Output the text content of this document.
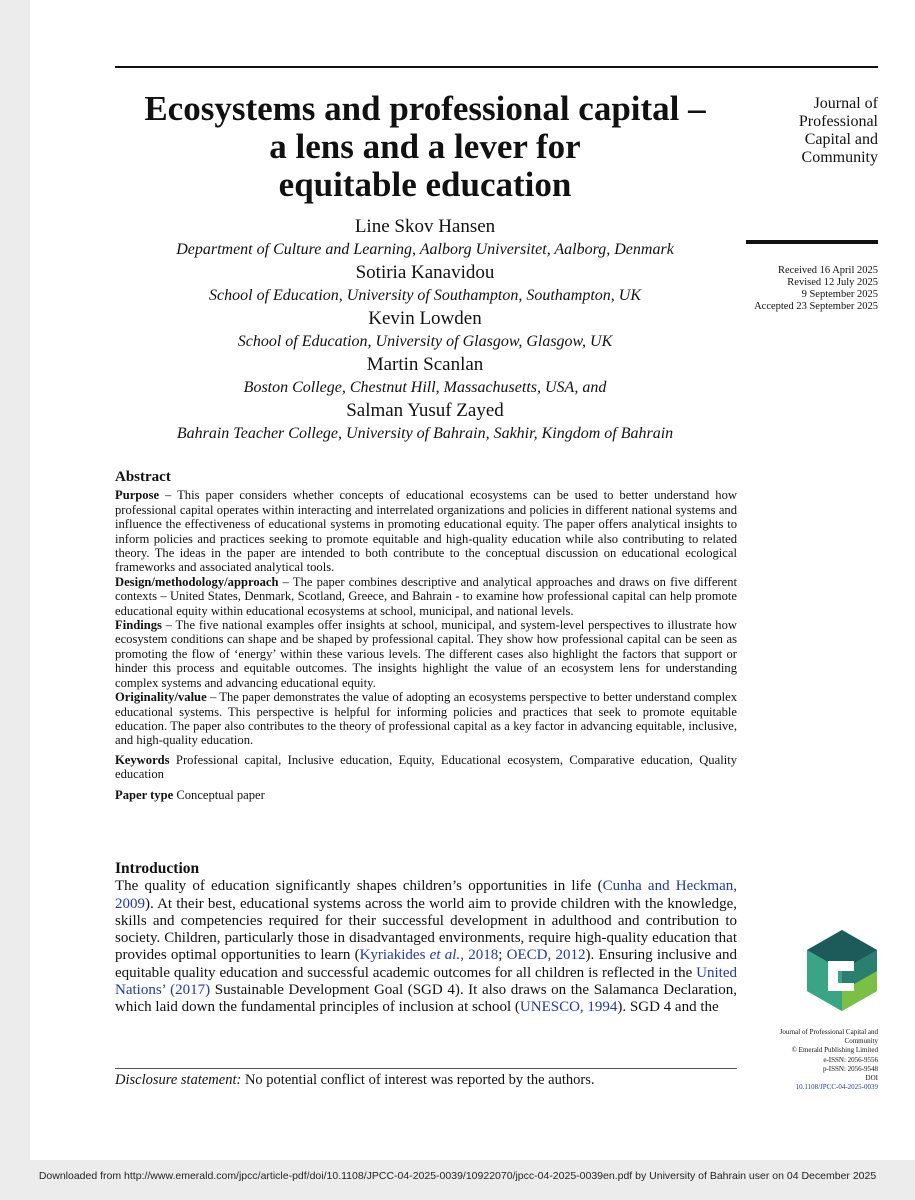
Ecosystems and professional capital –
a lens and a lever for
equitable education
Journal of
Professional
Capital and
Community
Received 16 April 2025
Revised 12 July 2025
9 September 2025
Accepted 23 September 2025
Line Skov Hansen
Department of Culture and Learning, Aalborg Universitet, Aalborg, Denmark
Sotiria Kanavidou
School of Education, University of Southampton, Southampton, UK
Kevin Lowden
School of Education, University of Glasgow, Glasgow, UK
Martin Scanlan
Boston College, Chestnut Hill, Massachusetts, USA, and
Salman Yusuf Zayed
Bahrain Teacher College, University of Bahrain, Sakhir, Kingdom of Bahrain
Abstract

Purpose – This paper considers whether concepts of educational ecosystems can be used to better understand how professional capital operates within interacting and interrelated organizations and policies in different national systems and influence the effectiveness of educational systems in promoting educational equity. The paper offers analytical insights to inform policies and practices seeking to promote equitable and high-quality education while also contributing to related theory. The ideas in the paper are intended to both contribute to the conceptual discussion on educational ecological frameworks and associated analytical tools.

Design/methodology/approach – The paper combines descriptive and analytical approaches and draws on five different contexts – United States, Denmark, Scotland, Greece, and Bahrain - to examine how professional capital can help promote educational equity within educational ecosystems at school, municipal, and national levels.

Findings – The five national examples offer insights at school, municipal, and system-level perspectives to illustrate how ecosystem conditions can shape and be shaped by professional capital. They show how professional capital can be seen as promoting the flow of ‘energy’ within these various levels. The different cases also highlight the factors that support or hinder this process and equitable outcomes. The insights highlight the value of an ecosystem lens for understanding complex systems and advancing educational equity.

Originality/value – The paper demonstrates the value of adopting an ecosystems perspective to better understand complex educational systems. This perspective is helpful for informing policies and practices that seek to promote equitable education. The paper also contributes to the theory of professional capital as a key factor in advancing equitable, inclusive, and high-quality education.

Keywords Professional capital, Inclusive education, Equity, Educational ecosystem, Comparative education, Quality education

Paper type Conceptual paper

Introduction

The quality of education significantly shapes children’s opportunities in life (Cunha and Heckman, 2009). At their best, educational systems across the world aim to provide children with the knowledge, skills and competencies required for their successful development in adulthood and contribution to society. Children, particularly those in disadvantaged environments, require high-quality education that provides optimal opportunities to learn (Kyriakides et al., 2018; OECD, 2012). Ensuring inclusive and equitable quality education and successful academic outcomes for all children is reflected in the United Nations’ (2017) Sustainable Development Goal (SGD 4). It also draws on the Salamanca Declaration, which laid down the fundamental principles of inclusion at school (UNESCO, 1994). SGD 4 and the

Disclosure statement: No potential conflict of interest was reported by the authors.
Journal of Professional Capital and
Community
© Emerald Publishing Limited
e-ISSN: 2056-9556
p-ISSN: 2056-9548
DOI
10.1108/JPCC-04-2025-0039
Downloaded from http://www.emerald.com/jpcc/article-pdf/doi/10.1108/JPCC-04-2025-0039/10922070/jpcc-04-2025-0039en.pdf by University of Bahrain user on 04 December 2025
